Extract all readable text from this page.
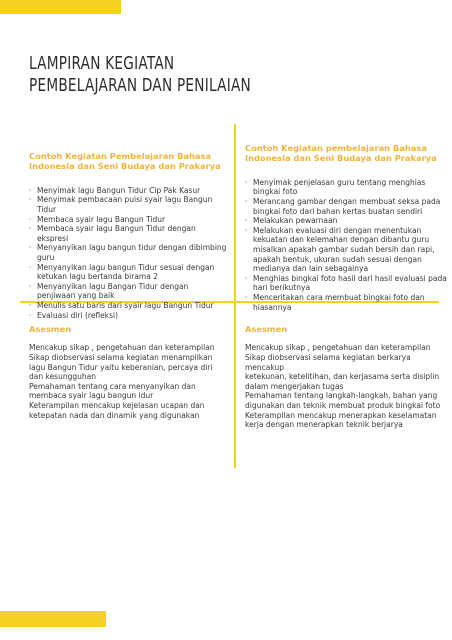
LAMPIRAN KEGIATAN
PEMBELAJARAN DAN PENILAIAN
Contoh Kegiatan Pembelajaran Bahasa Indonesia dan Seni Budaya dan Prakarya
· Menyimak lagu Bangun Tidur Cip Pak Kasur
· Menyimak pembacaan puisi syair lagu Bangun Tidur
· Membaca syair lagu Bangun Tidur
· Membaca syair lagu Bangun Tidur dengan ekspresi
· Menyanyikan lagu bangun tidur dengan dibimbing guru
· Menyanyikan lagu bangun Tidur sesuai dengan ketukan lagu bertanda birama 2
· Menyanyikan lagu Bangan Tidur dengan penjiwaan yang baik
· Menulis satu baris dari syair lagu Bangun Tidur
· Evaluasi diri (refleksi)
Contoh Kegiatan pembelajaran Bahasa Indonesia dan Seni Budaya dan Prakarya
· Menyimak penjelasan guru tentang menghias bingkai foto
· Merancang gambar dengan membuat seksa pada bingkai foto dari bahan kertas buatan sendiri
· Melakukan pewarnaan
· Melakukan evaluasi diri dengan menentukan kekuatan dan kelemahan dengan dibantu guru misalkan apakah gambar sudah bersih dan rapi, apakah bentuk, ukuran sudah sesuai dengan medianya dan lain sebagainya
· Menghias bingkai foto hasil dari hasil evaluasi pada hari berikutnya
· Menceritakan cara membuat bingkai foto dan hiasannya
Asesmen
Mencakup sikap , pengetahuan dan keterampilan
Sikap diobservasi selama kegiatan menampilkan
lagu Bangun Tidur yaitu keberanian, percaya diri
dan kesungguhan
Pemahaman tentang cara menyanyikan dan
membaca syair lagu bangun idur
Keterampilan mencakup kejelasan ucapan dan
ketepatan nada dan dinamik yang digunakan
Asesmen
Mencakup sikap , pengetahuan dan keterampilan
Sikap diobservasi selama kegiatan berkarya mencakup
ketekunan, ketelitihan, dan kerjasama serta disiplin
dalam mengerjakan tugas
Pemahaman tentang langkah-langkah, bahan yang
digunakan dan teknik membuat produk bingkai foto
Keterampilan mencakup menerapkan keselamatan
kerja dengan menerapkan teknik berjarya
